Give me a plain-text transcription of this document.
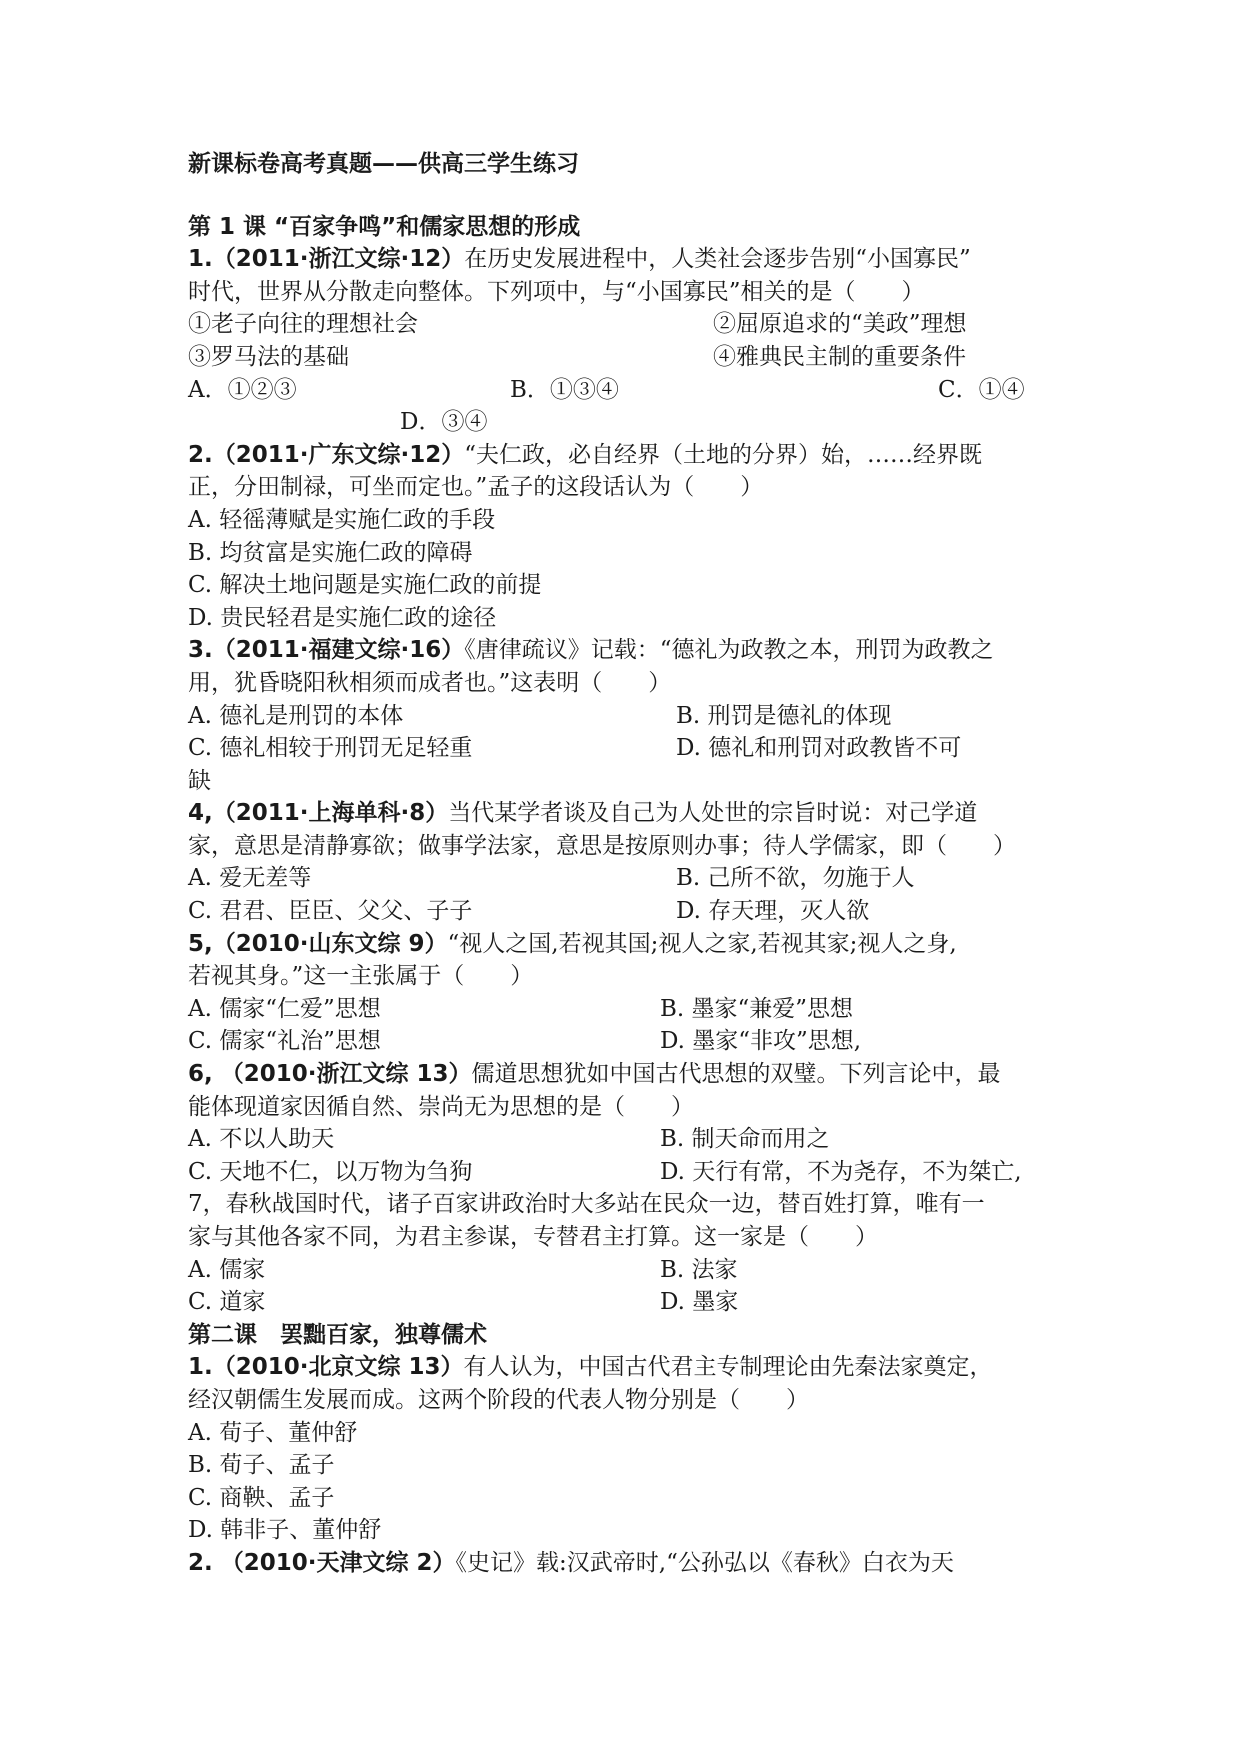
新课标卷高考真题——供高三学生练习
第 1 课 “百家争鸣”和儒家思想的形成
1.（2011·浙江文综·12）在历史发展进程中，人类社会逐步告别“小国寡民”
时代，世界从分散走向整体。下列项中，与“小国寡民”相关的是（　　）
①老子向往的理想社会	②屈原追求的“美政”理想
③罗马法的基础	④雅典民主制的重要条件
A．①②③	B．①③④	C．①④
D．③④
2.（2011·广东文综·12）“夫仁政，必自经界（土地的分界）始，……经界既
正，分田制禄，可坐而定也。”孟子的这段话认为（　　）
A. 轻徭薄赋是实施仁政的手段
B. 均贫富是实施仁政的障碍
C. 解决土地问题是实施仁政的前提
D. 贵民轻君是实施仁政的途径
3.（2011·福建文综·16）《唐律疏议》记载：“德礼为政教之本，刑罚为政教之
用，犹昏晓阳秋相须而成者也。”这表明（　　）
A. 德礼是刑罚的本体	B. 刑罚是德礼的体现
C. 德礼相较于刑罚无足轻重	D. 德礼和刑罚对政教皆不可
缺
4,（2011·上海单科·8）当代某学者谈及自己为人处世的宗旨时说：对己学道
家，意思是清静寡欲；做事学法家，意思是按原则办事；待人学儒家，即（　　）
A. 爱无差等	B. 己所不欲，勿施于人
C. 君君、臣臣、父父、子子	D. 存天理，灭人欲
5,（2010·山东文综 9）“视人之国,若视其国;视人之家,若视其家;视人之身,
若视其身。”这一主张属于（　　）
A. 儒家“仁爱”思想	B. 墨家“兼爱”思想
C. 儒家“礼治”思想	D. 墨家“非攻”思想,
6, （2010·浙江文综 13）儒道思想犹如中国古代思想的双璧。下列言论中，最
能体现道家因循自然、崇尚无为思想的是（　　）
A. 不以人助天	B. 制天命而用之
C. 天地不仁，以万物为刍狗	D. 天行有常，不为尧存，不为桀亡,
7，春秋战国时代，诸子百家讲政治时大多站在民众一边，替百姓打算，唯有一
家与其他各家不同，为君主参谋，专替君主打算。这一家是（　　）
A. 儒家	B. 法家
C. 道家	D. 墨家
第二课　罢黜百家，独尊儒术
1.（2010·北京文综 13）有人认为，中国古代君主专制理论由先秦法家奠定，
经汉朝儒生发展而成。这两个阶段的代表人物分别是（　　）
A. 荀子、董仲舒
B. 荀子、孟子
C. 商鞅、孟子
D. 韩非子、董仲舒
2. （2010·天津文综 2）《史记》载:汉武帝时,“公孙弘以《春秋》白衣为天
